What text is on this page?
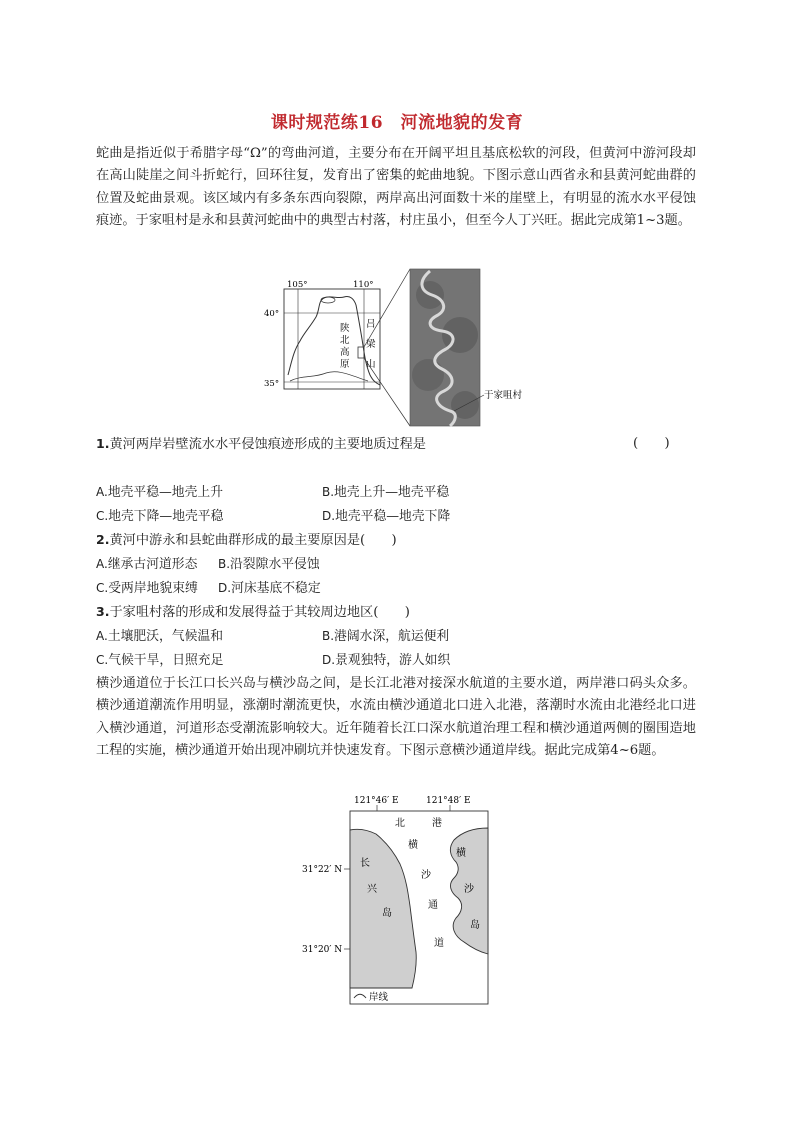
课时规范练16　河流地貌的发育

蛇曲是指近似于希腊字母“Ω”的弯曲河道，主要分布在开阔平坦且基底松软的河段，但黄河中游河段却在高山陡崖之间斗折蛇行，回环往复，发育出了密集的蛇曲地貌。下图示意山西省永和县黄河蛇曲群的位置及蛇曲景观。该区域内有多条东西向裂隙，两岸高出河面数十米的崖壁上，有明显的流水水平侵蚀痕迹。于家咀村是永和县黄河蛇曲中的典型古村落，村庄虽小，但至今人丁兴旺。据此完成第1~3题。

105°	110°
40°
35°
陕
北
高
原
吕
梁
山
于家咀村
1.黄河两岸岩壁流水水平侵蚀痕迹形成的主要地质过程是	(　　)
A.地壳平稳—地壳上升	B.地壳上升—地壳平稳
C.地壳下降—地壳平稳	D.地壳平稳—地壳下降
2.黄河中游永和县蛇曲群形成的最主要原因是(　　)
A.继承古河道形态 B.沿裂隙水平侵蚀
C.受两岸地貌束缚 D.河床基底不稳定
3.于家咀村落的形成和发展得益于其较周边地区(　　)
A.土壤肥沃，气候温和	B.港阔水深，航运便利
C.气候干旱，日照充足	D.景观独特，游人如织

横沙通道位于长江口长兴岛与横沙岛之间，是长江北港对接深水航道的主要水道，两岸港口码头众多。横沙通道潮流作用明显，涨潮时潮流更快，水流由横沙通道北口进入北港，落潮时水流由北港经北口进入横沙通道，河道形态受潮流影响较大。近年随着长江口深水航道治理工程和横沙通道两侧的圈围造地工程的实施，横沙通道开始出现冲刷坑并快速发育。下图示意横沙通道岸线。据此完成第4~6题。

121°46′ E	121°48′ E
31°22′ N
31°20′ N
北	港
长
兴
岛
横
沙
岛
横
沙
通
道
岸线
